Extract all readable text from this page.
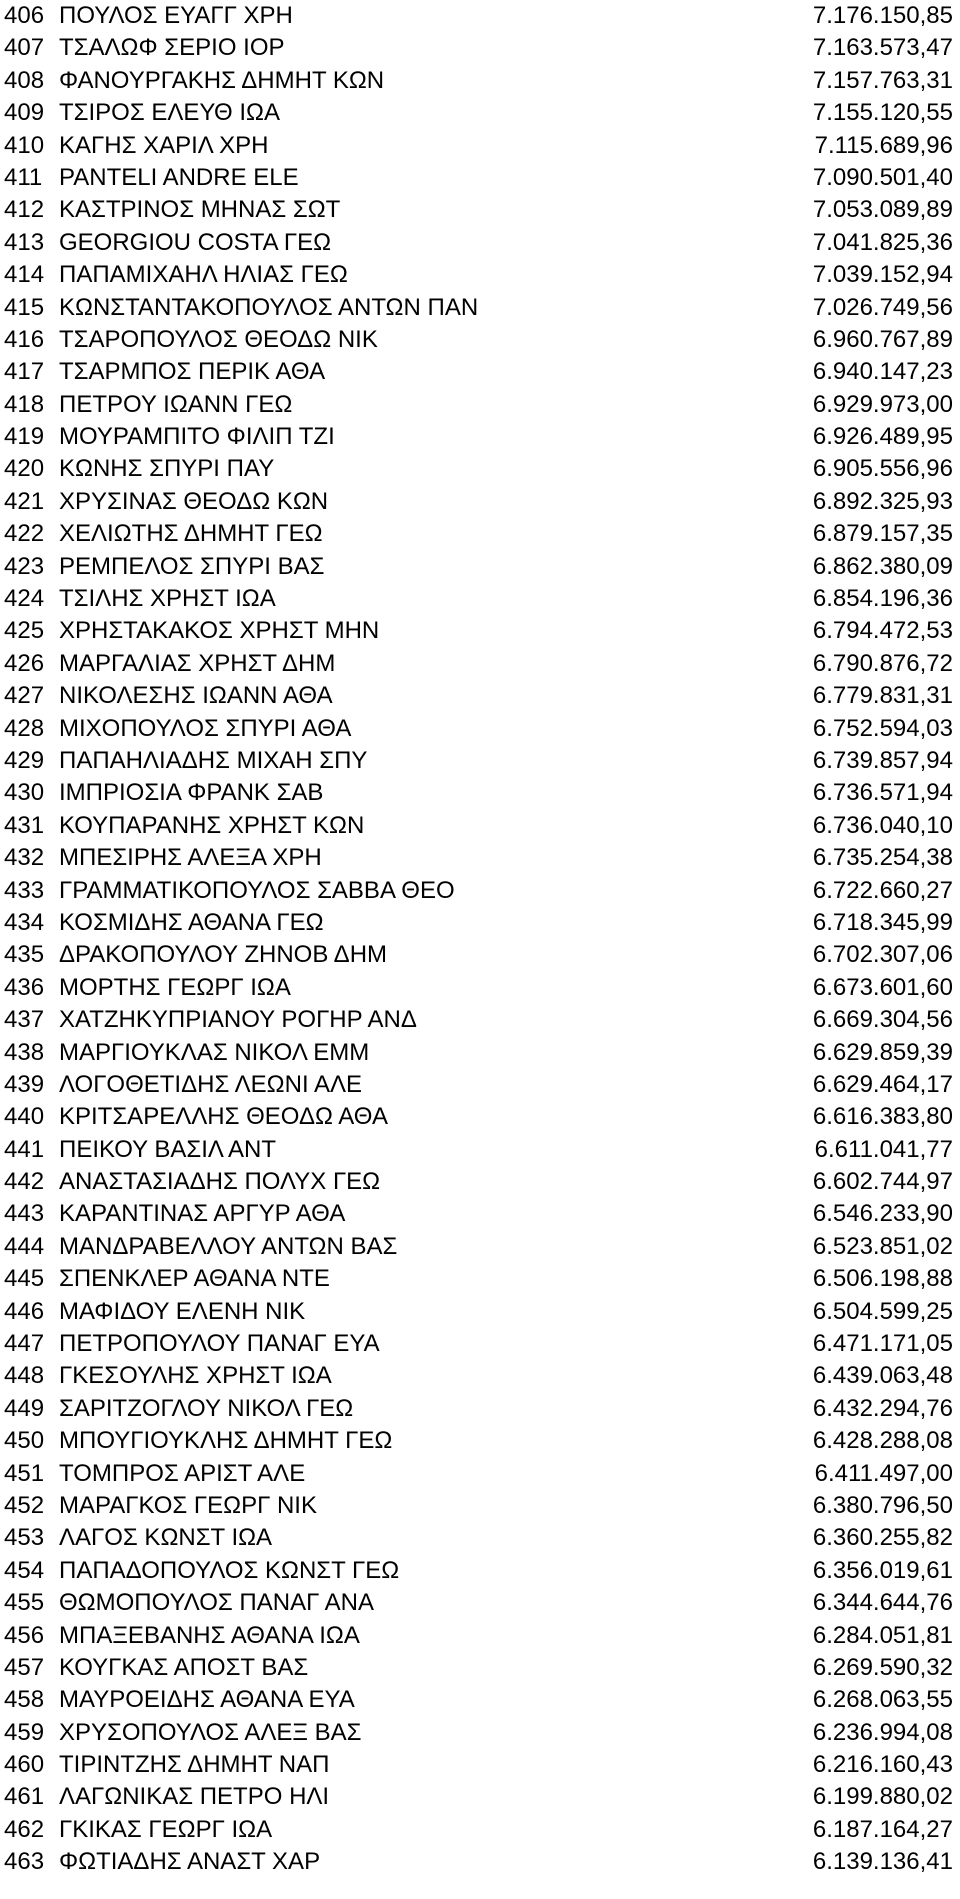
406 ΠΟΥΛΟΣ ΕΥΑΓΓ ΧΡΗ	7.176.150,85
407 ΤΣΑΛΩΦ ΣΕΡΙΟ ΙΟΡ	7.163.573,47
408 ΦΑΝΟΥΡΓΑΚΗΣ ΔΗΜΗΤ ΚΩΝ	7.157.763,31
409 ΤΣΙΡΟΣ ΕΛΕΥΘ ΙΩΑ	7.155.120,55
410 ΚΑΓΗΣ ΧΑΡΙΛ ΧΡΗ	7.115.689,96
411 PANTELI ANDRE ELE	7.090.501,40
412 ΚΑΣΤΡΙΝΟΣ ΜΗΝΑΣ ΣΩΤ	7.053.089,89
413 GEORGIOU COSTA ΓΕΩ	7.041.825,36
414 ΠΑΠΑΜΙΧΑΗΛ ΗΛΙΑΣ ΓΕΩ	7.039.152,94
415 ΚΩΝΣΤΑΝΤΑΚΟΠΟΥΛΟΣ ΑΝΤΩΝ ΠΑΝ	7.026.749,56
416 ΤΣΑΡΟΠΟΥΛΟΣ ΘΕΟΔΩ ΝΙΚ	6.960.767,89
417 ΤΣΑΡΜΠΟΣ ΠΕΡΙΚ ΑΘΑ	6.940.147,23
418 ΠΕΤΡΟΥ ΙΩΑΝΝ ΓΕΩ	6.929.973,00
419 ΜΟΥΡΑΜΠΙΤΟ ΦΙΛΙΠ ΤΖΙ	6.926.489,95
420 ΚΩΝΗΣ ΣΠΥΡΙ ΠΑΥ	6.905.556,96
421 ΧΡΥΣΙΝΑΣ ΘΕΟΔΩ ΚΩΝ	6.892.325,93
422 ΧΕΛΙΩΤΗΣ ΔΗΜΗΤ ΓΕΩ	6.879.157,35
423 ΡΕΜΠΕΛΟΣ ΣΠΥΡΙ ΒΑΣ	6.862.380,09
424 ΤΣΙΛΗΣ ΧΡΗΣΤ ΙΩΑ	6.854.196,36
425 ΧΡΗΣΤΑΚΑΚΟΣ ΧΡΗΣΤ ΜΗΝ	6.794.472,53
426 ΜΑΡΓΑΛΙΑΣ ΧΡΗΣΤ ΔΗΜ	6.790.876,72
427 ΝΙΚΟΛΕΣΗΣ ΙΩΑΝΝ ΑΘΑ	6.779.831,31
428 ΜΙΧΟΠΟΥΛΟΣ ΣΠΥΡΙ ΑΘΑ	6.752.594,03
429 ΠΑΠΑΗΛΙΑΔΗΣ ΜΙΧΑΗ ΣΠΥ	6.739.857,94
430 ΙΜΠΡΙΟΣΙΑ ΦΡΑΝΚ ΣΑΒ	6.736.571,94
431 ΚΟΥΠΑΡΑΝΗΣ ΧΡΗΣΤ ΚΩΝ	6.736.040,10
432 ΜΠΕΣΙΡΗΣ ΑΛΕΞΑ ΧΡΗ	6.735.254,38
433 ΓΡΑΜΜΑΤΙΚΟΠΟΥΛΟΣ ΣΑΒΒΑ ΘΕΟ	6.722.660,27
434 ΚΟΣΜΙΔΗΣ ΑΘΑΝΑ ΓΕΩ	6.718.345,99
435 ΔΡΑΚΟΠΟΥΛΟΥ ΖΗΝΟΒ ΔΗΜ	6.702.307,06
436 ΜΟΡΤΗΣ ΓΕΩΡΓ ΙΩΑ	6.673.601,60
437 ΧΑΤΖΗΚΥΠΡΙΑΝΟΥ ΡΟΓΗΡ ΑΝΔ	6.669.304,56
438 ΜΑΡΓΙΟΥΚΛΑΣ ΝΙΚΟΛ ΕΜΜ	6.629.859,39
439 ΛΟΓΟΘΕΤΙΔΗΣ ΛΕΩΝΙ ΑΛΕ	6.629.464,17
440 ΚΡΙΤΣΑΡΕΛΛΗΣ ΘΕΟΔΩ ΑΘΑ	6.616.383,80
441 ΠΕΙΚΟΥ ΒΑΣΙΛ ΑΝΤ	6.611.041,77
442 ΑΝΑΣΤΑΣΙΑΔΗΣ ΠΟΛΥΧ ΓΕΩ	6.602.744,97
443 ΚΑΡΑΝΤΙΝΑΣ ΑΡΓΥΡ ΑΘΑ	6.546.233,90
444 ΜΑΝΔΡΑΒΕΛΛΟΥ ΑΝΤΩΝ ΒΑΣ	6.523.851,02
445 ΣΠΕΝΚΛΕΡ ΑΘΑΝΑ ΝΤΕ	6.506.198,88
446 ΜΑΦΙΔΟΥ ΕΛΕΝΗ ΝΙΚ	6.504.599,25
447 ΠΕΤΡΟΠΟΥΛΟΥ ΠΑΝΑΓ ΕΥΑ	6.471.171,05
448 ΓΚΕΣΟΥΛΗΣ ΧΡΗΣΤ ΙΩΑ	6.439.063,48
449 ΣΑΡΙΤΖΟΓΛΟΥ ΝΙΚΟΛ ΓΕΩ	6.432.294,76
450 ΜΠΟΥΓΙΟΥΚΛΗΣ ΔΗΜΗΤ ΓΕΩ	6.428.288,08
451 ΤΟΜΠΡΟΣ ΑΡΙΣΤ ΑΛΕ	6.411.497,00
452 ΜΑΡΑΓΚΟΣ ΓΕΩΡΓ ΝΙΚ	6.380.796,50
453 ΛΑΓΟΣ ΚΩΝΣΤ ΙΩΑ	6.360.255,82
454 ΠΑΠΑΔΟΠΟΥΛΟΣ ΚΩΝΣΤ ΓΕΩ	6.356.019,61
455 ΘΩΜΟΠΟΥΛΟΣ ΠΑΝΑΓ ΑΝΑ	6.344.644,76
456 ΜΠΑΞΕΒΑΝΗΣ ΑΘΑΝΑ ΙΩΑ	6.284.051,81
457 ΚΟΥΓΚΑΣ ΑΠΟΣΤ ΒΑΣ	6.269.590,32
458 ΜΑΥΡΟΕΙΔΗΣ ΑΘΑΝΑ ΕΥΑ	6.268.063,55
459 ΧΡΥΣΟΠΟΥΛΟΣ ΑΛΕΞ ΒΑΣ	6.236.994,08
460 ΤΙΡΙΝΤΖΗΣ ΔΗΜΗΤ ΝΑΠ	6.216.160,43
461 ΛΑΓΩΝΙΚΑΣ ΠΕΤΡΟ ΗΛΙ	6.199.880,02
462 ΓΚΙΚΑΣ ΓΕΩΡΓ ΙΩΑ	6.187.164,27
463 ΦΩΤΙΑΔΗΣ ΑΝΑΣΤ ΧΑΡ	6.139.136,41
